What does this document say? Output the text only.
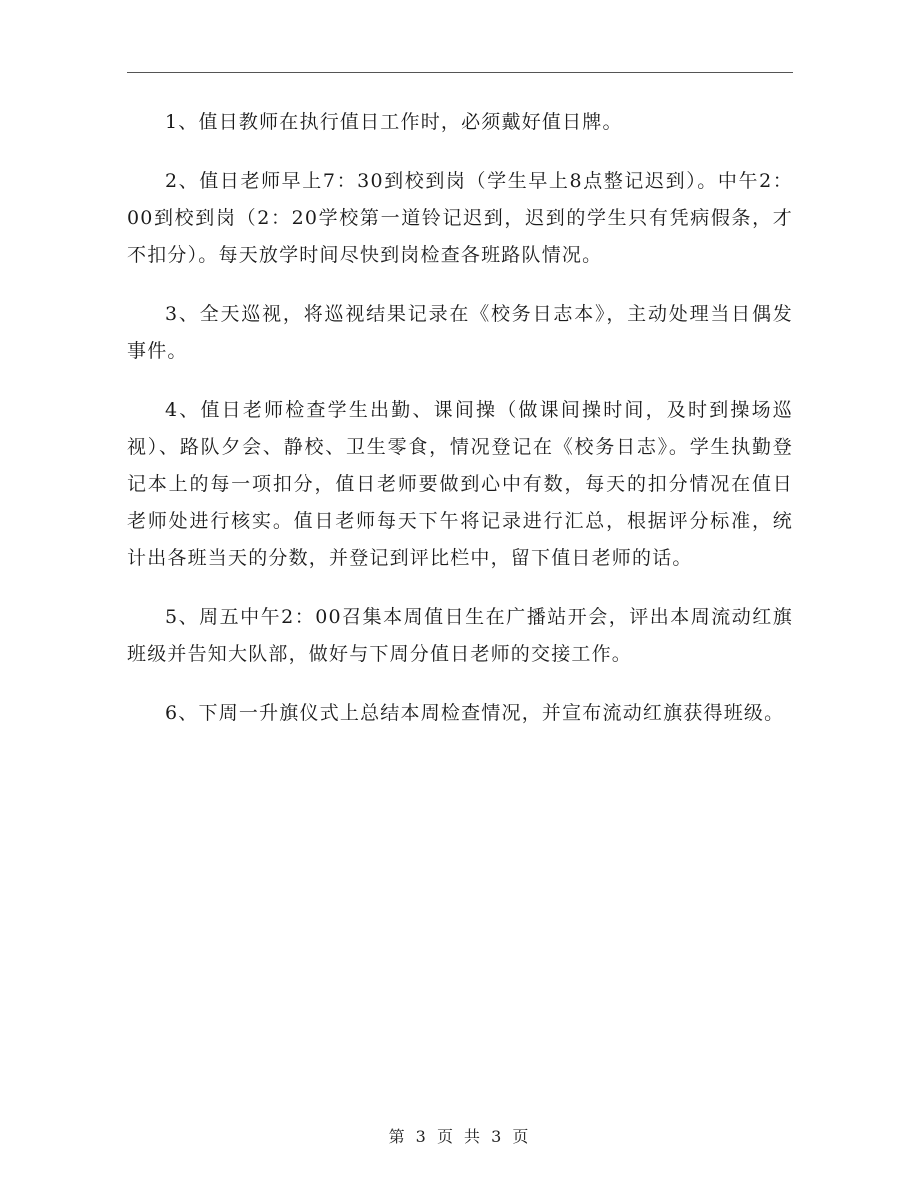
1、值日教师在执行值日工作时，必须戴好值日牌。

2、值日老师早上7：30到校到岗（学生早上8点整记迟到）。中午2：00到校到岗（2：20学校第一道铃记迟到，迟到的学生只有凭病假条，才不扣分）。每天放学时间尽快到岗检查各班路队情况。

3、全天巡视，将巡视结果记录在《校务日志本》，主动处理当日偶发事件。

4、值日老师检查学生出勤、课间操（做课间操时间，及时到操场巡视）、路队夕会、静校、卫生零食，情况登记在《校务日志》。学生执勤登记本上的每一项扣分，值日老师要做到心中有数，每天的扣分情况在值日老师处进行核实。值日老师每天下午将记录进行汇总，根据评分标准，统计出各班当天的分数，并登记到评比栏中，留下值日老师的话。

5、周五中午2：00召集本周值日生在广播站开会，评出本周流动红旗班级并告知大队部，做好与下周分值日老师的交接工作。

6、下周一升旗仪式上总结本周检查情况，并宣布流动红旗获得班级。

第 3 页 共 3 页
